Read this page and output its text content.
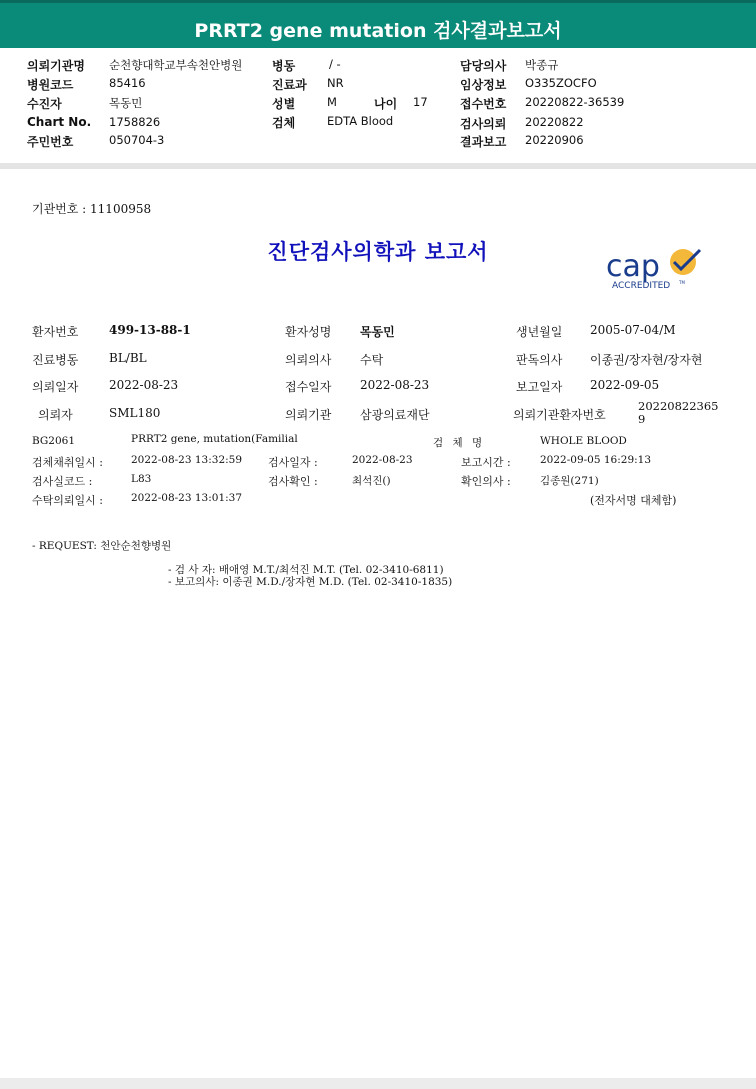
PRRT2 gene mutation 검사결과보고서
의뢰기관명 순천향대학교부속천안병원
병원코드	85416
수진자	목동민
Chart No. 1758826
주민번호	050704-3
병동	/ -
진료과 NR
성별	M	나이 17
검체	EDTA Blood
담당의사 박종규
임상정보 O335ZOCFO
접수번호 20220822-36539
검사의뢰 20220822
결과보고 20220906
기관번호 : 11100958
진단검사의학과 보고서	cap
ACCREDITED TM
환자번호	499-13-88-1	환자성명 목동민	생년월일 2005-07-04/M
진료병동	BL/BL	의뢰의사 수탁	판독의사 이종권/장자현/장자현
의뢰일자	2022-08-23	접수일자 2022-08-23	보고일자 2022-09-05
의뢰자	SML180	의뢰기관 삼광의료재단	의뢰기관환자번호
20220822365
9
BG2061	PRRT2 gene, mutation(Familial	검 체 명	WHOLE BLOOD
검체채취일시 :	2022-08-23 13:32:59 검사일자 :	2022-08-23	보고시간 :	2022-09-05 16:29:13
검사실코드 :	L83	검사확인 :	최석진()	확인의사 :	김종원(271)
수탁의뢰일시 :	2022-08-23 13:01:37	(전자서명 대체함)
- REQUEST: 천안순천향병원
- 검 사 자: 배애영 M.T./최석진 M.T. (Tel. 02-3410-6811)
- 보고의사: 이종권 M.D./장자현 M.D. (Tel. 02-3410-1835)
